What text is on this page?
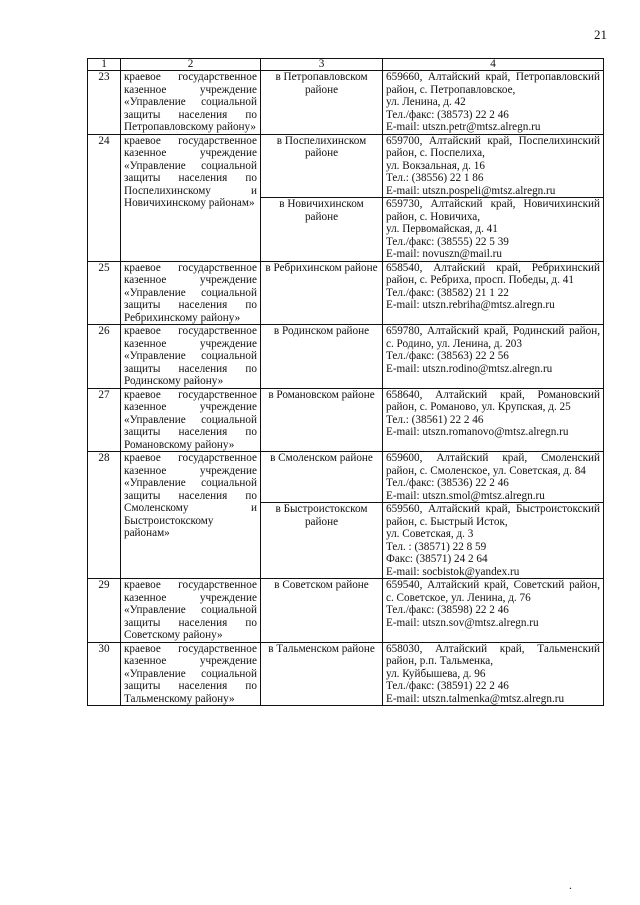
21
1	2	3	4
23	краевое государственное казенное учреждение «Управление социальной защиты населения по Петропавловскому району»	в Петропавловском районе	659660, Алтайский край, Петропавловский район, с. Петропавловское,
ул. Ленина, д. 42
Тел./факс: (38573) 22 2 46
E-mail: utszn.petr@mtsz.alregn.ru

24	краевое государственное казенное учреждение «Управление социальной защиты населения по Поспелихинскому и Новичихинскому районам»	в Поспелихинском районе	659700, Алтайский край, Поспелихинский район, с. Поспелиха,
ул. Вокзальная, д. 16
Тел.: (38556) 22 1 86
E-mail: utszn.pospeli@mtsz.alregn.ru

		в Новичихинском районе	659730, Алтайский край, Новичихинский район, с. Новичиха,
ул. Первомайская, д. 41
Тел./факс: (38555) 22 5 39
E-mail: novuszn@mail.ru

25	краевое государственное казенное учреждение «Управление социальной защиты населения по Ребрихинскому району»	в Ребрихинском районе	658540, Алтайский край, Ребрихинский район, с. Ребриха, просп. Победы, д. 41
Тел./факс: (38582) 21 1 22
E-mail: utszn.rebriha@mtsz.alregn.ru

26	краевое государственное казенное учреждение «Управление социальной защиты населения по Родинскому району»	в Родинском районе	659780, Алтайский край, Родинский район, с. Родино, ул. Ленина, д. 203
Тел./факс: (38563) 22 2 56
E-mail: utszn.rodino@mtsz.alregn.ru

27	краевое государственное казенное учреждение «Управление социальной защиты населения по Романовскому району»	в Романовском районе	658640, Алтайский край, Романовский район, с. Романово, ул. Крупская, д. 25
Тел.: (38561) 22 2 46
E-mail: utszn.romanovo@mtsz.alregn.ru

28	краевое государственное казенное учреждение «Управление социальной защиты населения по Смоленскому и Быстроистокскому районам»	в Смоленском районе	659600, Алтайский край, Смоленский район, с. Смоленское, ул. Советская, д. 84
Тел./факс: (38536) 22 2 46
E-mail: utszn.smol@mtsz.alregn.ru

		в Быстроистокском районе	659560, Алтайский край, Быстроистокский район, с. Быстрый Исток,
ул. Советская, д. 3
Тел. : (38571) 22 8 59
Факс: (38571) 24 2 64
E-mail: socbistok@yandex.ru

29	краевое государственное казенное учреждение «Управление социальной защиты населения по Советскому району»	в Советском районе	659540, Алтайский край, Советский район, с. Советское, ул. Ленина, д. 76
Тел./факс: (38598) 22 2 46
E-mail: utszn.sov@mtsz.alregn.ru

30	краевое государственное казенное учреждение «Управление социальной защиты населения по Тальменскому району»	в Тальменском районе	658030, Алтайский край, Тальменский район, р.п. Тальменка,
ул. Куйбышева, д. 96
Тел./факс: (38591) 22 2 46
E-mail: utszn.talmenka@mtsz.alregn.ru
.
